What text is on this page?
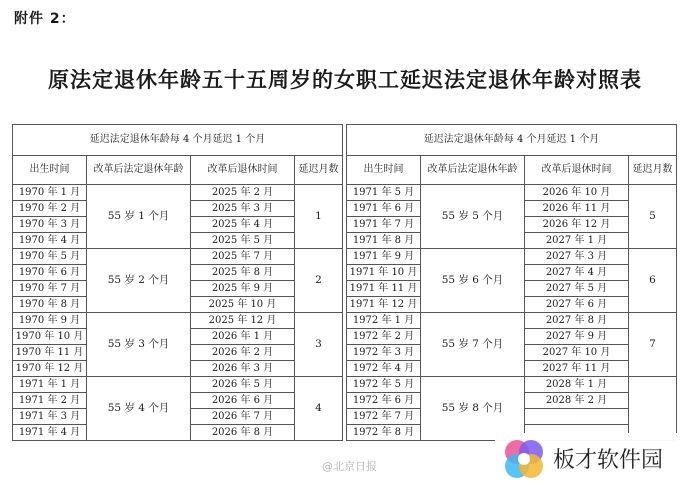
附件 2：
原法定退休年龄五十五周岁的女职工延迟法定退休年龄对照表
延迟法定退休年龄每 4 个月延迟 1 个月			
出生时间	改革后法定退休年龄	改革后退休时间	延迟月数
1970 年 1 月	55 岁 1 个月	2025 年 2 月	1
1970 年 2 月		2025 年 3 月	
1970 年 3 月		2025 年 4 月	
1970 年 4 月		2025 年 5 月	
1970 年 5 月	55 岁 2 个月	2025 年 7 月	2
1970 年 6 月		2025 年 8 月	
1970 年 7 月		2025 年 9 月	
1970 年 8 月		2025 年 10 月	
1970 年 9 月	55 岁 3 个月	2025 年 12 月	3
1970 年 10 月		2026 年 1 月	
1970 年 11 月		2026 年 2 月	
1970 年 12 月		2026 年 3 月	
1971 年 1 月	55 岁 4 个月	2026 年 5 月	4
1971 年 2 月		2026 年 6 月	
1971 年 3 月		2026 年 7 月	
1971 年 4 月		2026 年 8 月	
延迟法定退休年龄每 4 个月延迟 1 个月			
出生时间	改革后法定退休年龄	改革后退休时间	延迟月数
1971 年 5 月	55 岁 5 个月	2026 年 10 月	5
1971 年 6 月		2026 年 11 月	
1971 年 7 月		2026 年 12 月	
1971 年 8 月		2027 年 1 月	
1971 年 9 月	55 岁 6 个月	2027 年 3 月	6
1971 年 10 月		2027 年 4 月	
1971 年 11 月		2027 年 5 月	
1971 年 12 月		2027 年 6 月	
1972 年 1 月	55 岁 7 个月	2027 年 8 月	7
1972 年 2 月		2027 年 9 月	
1972 年 3 月		2027 年 10 月	
1972 年 4 月		2027 年 11 月	
1972 年 5 月	55 岁 8 个月	2028 年 1 月	
1972 年 6 月		2028 年 2 月	
1972 年 7 月			
1972 年 8 月			
@北京日报	板才软件园
